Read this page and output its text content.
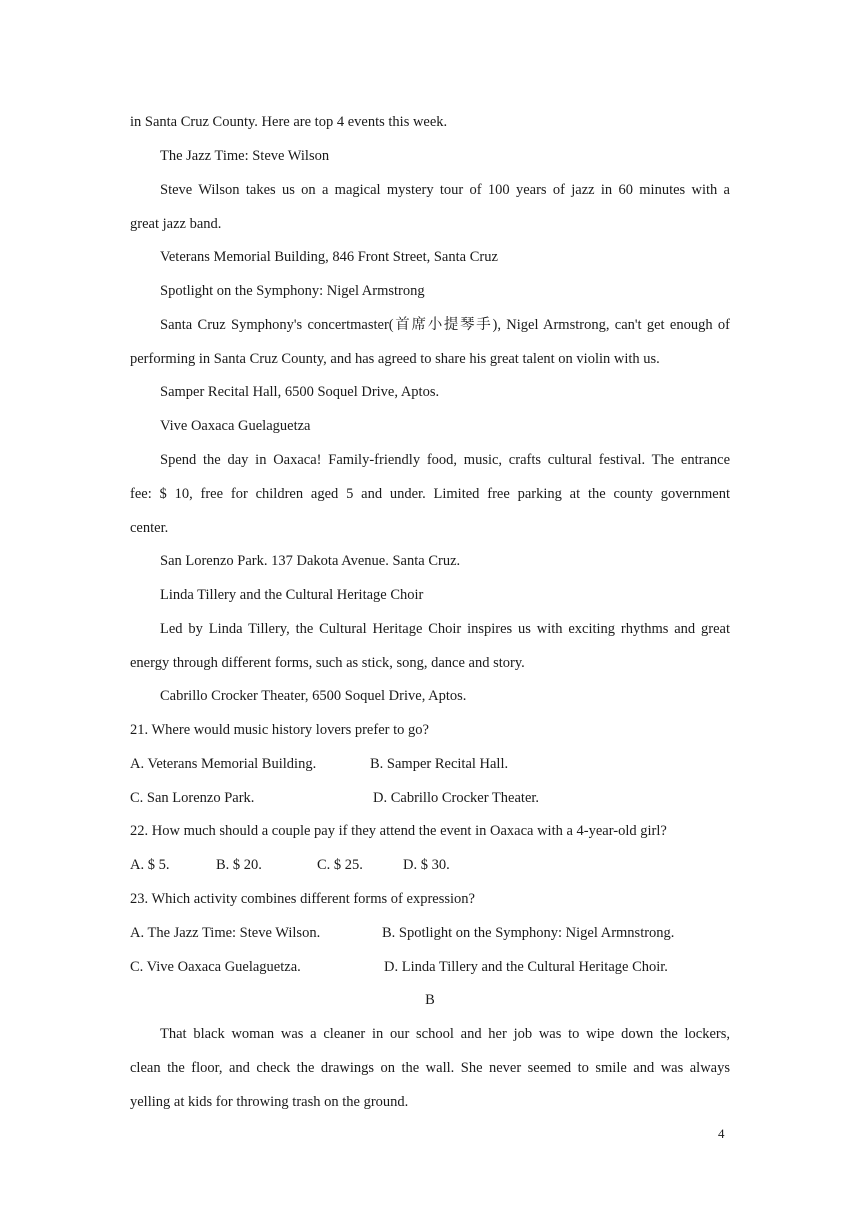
in Santa Cruz County. Here are top 4 events this week.
The Jazz Time: Steve Wilson
Steve Wilson takes us on a magical mystery tour of 100 years of jazz in 60 minutes with a
great jazz band.
Veterans Memorial Building, 846 Front Street, Santa Cruz
Spotlight on the Symphony: Nigel Armstrong
Santa Cruz Symphony's concertmaster(首席小提琴手), Nigel Armstrong, can't get enough of
performing in Santa Cruz County, and has agreed to share his great talent on violin with us.
Samper Recital Hall, 6500 Soquel Drive, Aptos.
Vive Oaxaca Guelaguetza
Spend the day in Oaxaca! Family-friendly food, music, crafts cultural festival. The entrance
fee: $ 10, free for children aged 5 and under. Limited free parking at the county government
center.
San Lorenzo Park. 137 Dakota Avenue. Santa Cruz.
Linda Tillery and the Cultural Heritage Choir
Led by Linda Tillery, the Cultural Heritage Choir inspires us with exciting rhythms and great
energy through different forms, such as stick, song, dance and story.
Cabrillo Crocker Theater, 6500 Soquel Drive, Aptos.
21. Where would music history lovers prefer to go?
A. Veterans Memorial Building.	B. Samper Recital Hall.
C. San Lorenzo Park.	D. Cabrillo Crocker Theater.
22. How much should a couple pay if they attend the event in Oaxaca with a 4-year-old girl?
A. $ 5.	B. $ 20.	C. $ 25.	D. $ 30.
23. Which activity combines different forms of expression?
A. The Jazz Time: Steve Wilson.	B. Spotlight on the Symphony: Nigel Armnstrong.
C. Vive Oaxaca Guelaguetza.	D. Linda Tillery and the Cultural Heritage Choir.
B
That black woman was a cleaner in our school and her job was to wipe down the lockers,
clean the floor, and check the drawings on the wall. She never seemed to smile and was always
yelling at kids for throwing trash on the ground.
4
